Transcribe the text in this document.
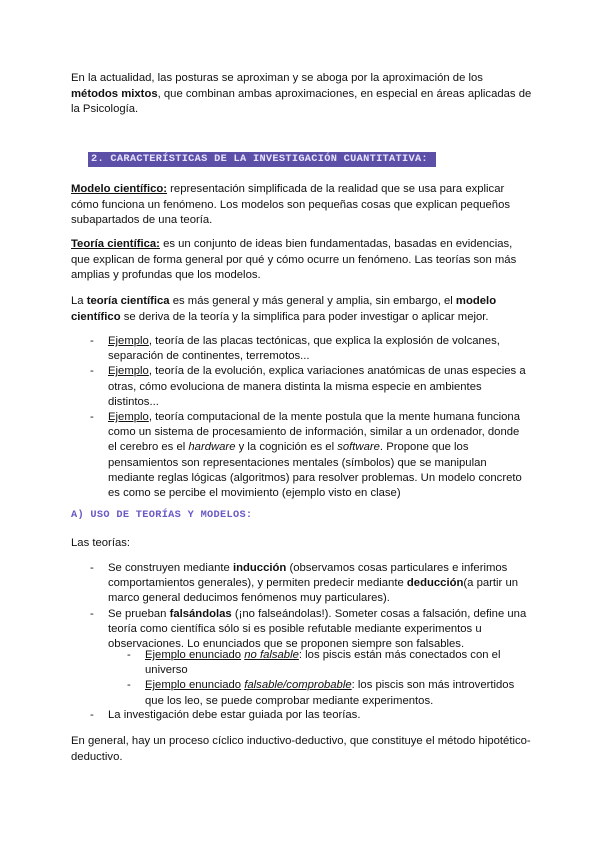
En la actualidad, las posturas se aproximan y se aboga por la aproximación de los métodos mixtos, que combinan ambas aproximaciones, en especial en áreas aplicadas de la Psicología.

2. CARACTERÍSTICAS DE LA INVESTIGACIÓN CUANTITATIVA:

Modelo científico: representación simplificada de la realidad que se usa para explicar cómo funciona un fenómeno. Los modelos son pequeñas cosas que explican pequeños subapartados de una teoría.

Teoría científica: es un conjunto de ideas bien fundamentadas, basadas en evidencias, que explican de forma general por qué y cómo ocurre un fenómeno. Las teorías son más amplias y profundas que los modelos.

La teoría científica es más general y más general y amplia, sin embargo, el modelo científico se deriva de la teoría y la simplifica para poder investigar o aplicar mejor.

- Ejemplo, teoría de las placas tectónicas, que explica la explosión de volcanes, separación de continentes, terremotos...
- Ejemplo, teoría de la evolución, explica variaciones anatómicas de unas especies a otras, cómo evoluciona de manera distinta la misma especie en ambientes distintos...
- Ejemplo, teoría computacional de la mente postula que la mente humana funciona como un sistema de procesamiento de información, similar a un ordenador, donde el cerebro es el hardware y la cognición es el software. Propone que los pensamientos son representaciones mentales (símbolos) que se manipulan mediante reglas lógicas (algoritmos) para resolver problemas. Un modelo concreto es como se percibe el movimiento (ejemplo visto en clase)
A) USO DE TEORÍAS Y MODELOS:

Las teorías:

- Se construyen mediante inducción (observamos cosas particulares e inferimos comportamientos generales), y permiten predecir mediante deducción(a partir un marco general deducimos fenómenos muy particulares).
- Se prueban falsándolas (¡no falseándolas!). Someter cosas a falsación, define una teoría como científica sólo si es posible refutable mediante experimentos u observaciones. Lo enunciados que se proponen siempre son falsables.
- Ejemplo enunciado no falsable: los piscis están más conectados con el universo
- Ejemplo enunciado falsable/comprobable: los piscis son más introvertidos que los leo, se puede comprobar mediante experimentos.
- La investigación debe estar guiada por las teorías.

En general, hay un proceso cíclico inductivo-deductivo, que constituye el método hipotético-deductivo.
